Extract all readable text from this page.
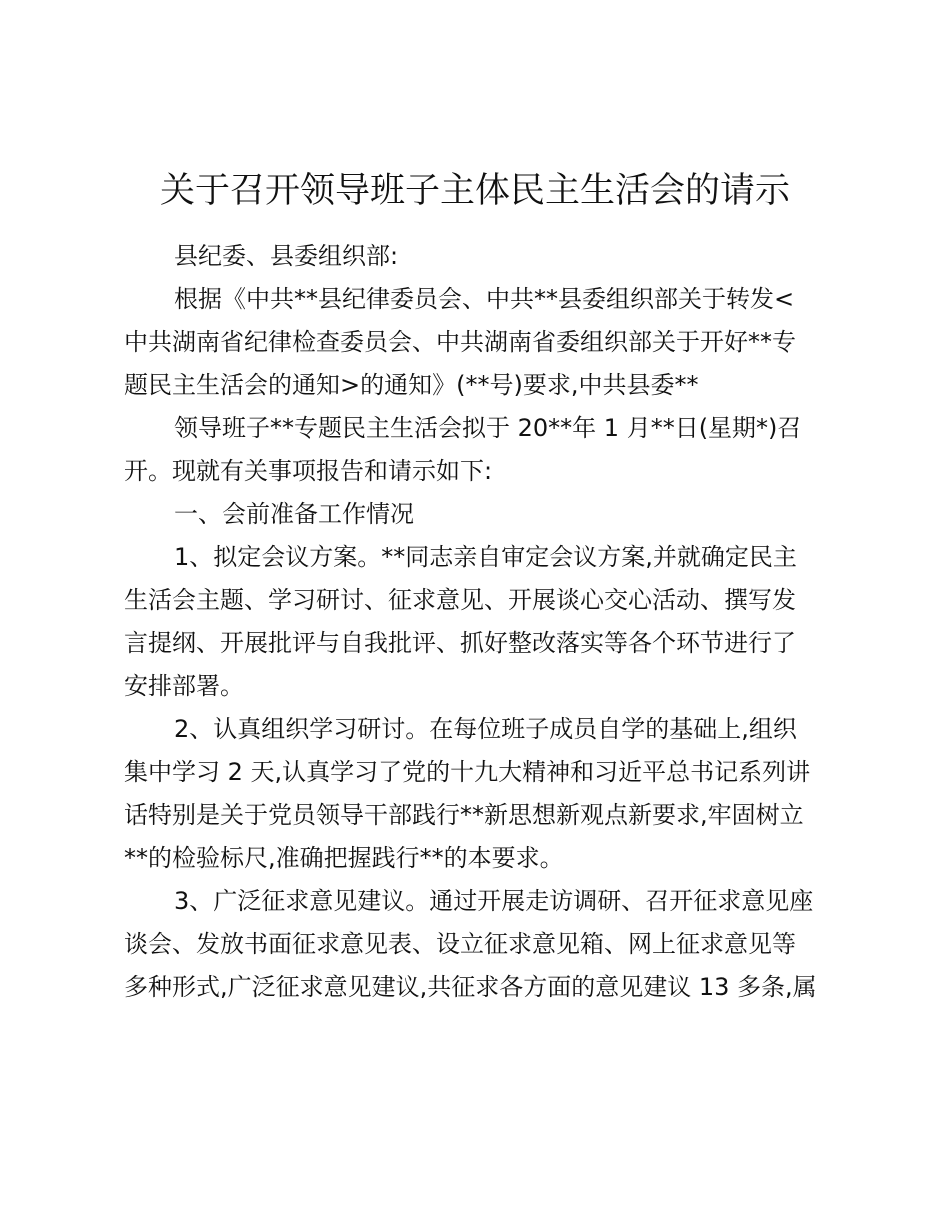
关于召开领导班子主体民主生活会的请示
县纪委、县委组织部:
根据《中共**县纪律委员会、中共**县委组织部关于转发<
中共湖南省纪律检查委员会、中共湖南省委组织部关于开好**专
题民主生活会的通知>的通知》(**号)要求,中共县委**
领导班子**专题民主生活会拟于 20**年 1 月**日(星期*)召
开。现就有关事项报告和请示如下:
一、会前准备工作情况
1、拟定会议方案。**同志亲自审定会议方案,并就确定民主
生活会主题、学习研讨、征求意见、开展谈心交心活动、撰写发
言提纲、开展批评与自我批评、抓好整改落实等各个环节进行了
安排部署。
2、认真组织学习研讨。在每位班子成员自学的基础上,组织
集中学习 2 天,认真学习了党的十九大精神和习近平总书记系列讲
话特别是关于党员领导干部践行**新思想新观点新要求,牢固树立
**的检验标尺,准确把握践行**的本要求。
3、广泛征求意见建议。通过开展走访调研、召开征求意见座
谈会、发放书面征求意见表、设立征求意见箱、网上征求意见等
多种形式,广泛征求意见建议,共征求各方面的意见建议 13 多条,属
